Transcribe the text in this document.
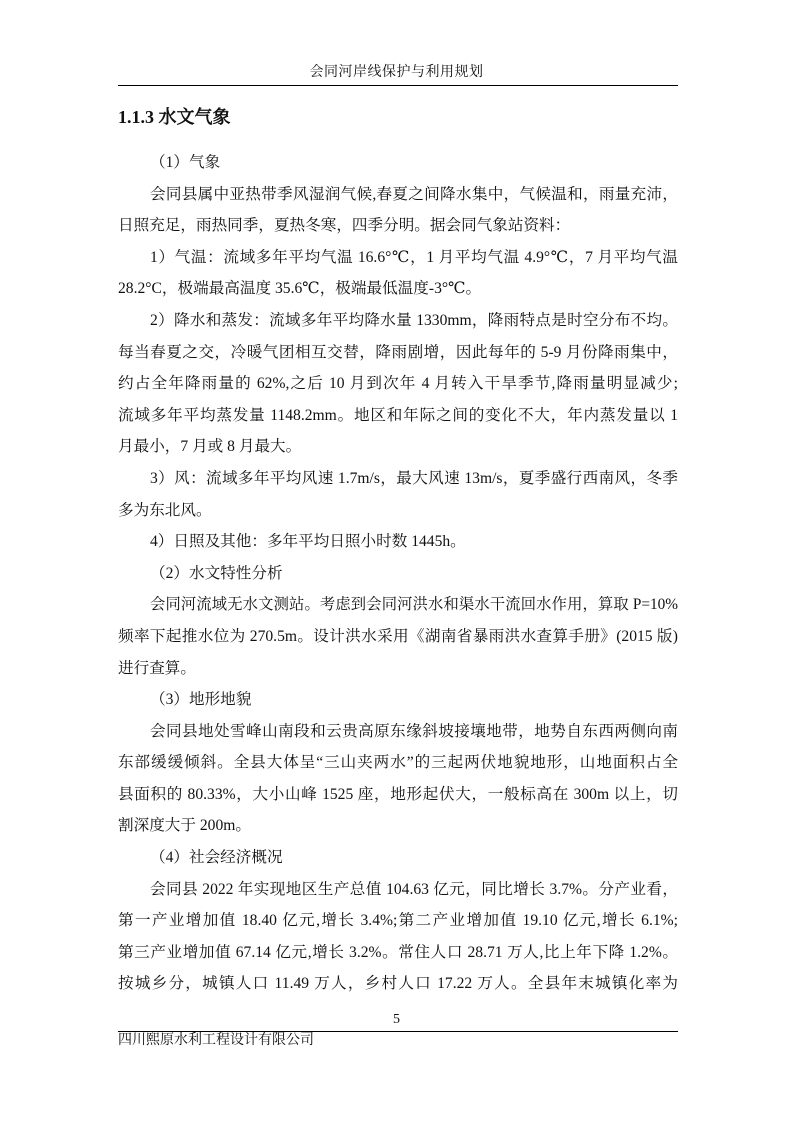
会同河岸线保护与利用规划
1.1.3 水文气象
（1）气象
会同县属中亚热带季风湿润气候,春夏之间降水集中，气候温和，雨量充沛，
日照充足，雨热同季，夏热冬寒，四季分明。据会同气象站资料：
1）气温：流域多年平均气温 16.6°℃，1 月平均气温 4.9°℃，7 月平均气温
28.2°C，极端最高温度 35.6℃，极端最低温度-3°℃。
2）降水和蒸发：流域多年平均降水量 1330mm，降雨特点是时空分布不均。
每当春夏之交，冷暖气团相互交替，降雨剧增，因此每年的 5-9 月份降雨集中，
约占全年降雨量的 62%,之后 10 月到次年 4 月转入干旱季节,降雨量明显减少;
流域多年平均蒸发量 1148.2mm。地区和年际之间的变化不大，年内蒸发量以 1
月最小，7 月或 8 月最大。
3）风：流域多年平均风速 1.7m/s，最大风速 13m/s，夏季盛行西南风，冬季
多为东北风。
4）日照及其他：多年平均日照小时数 1445h。
（2）水文特性分析
会同河流域无水文测站。考虑到会同河洪水和渠水干流回水作用，算取 P=10%
频率下起推水位为 270.5m。设计洪水采用《湖南省暴雨洪水查算手册》(2015 版)
进行查算。
（3）地形地貌
会同县地处雪峰山南段和云贵高原东缘斜坡接壤地带，地势自东西两侧向南
东部缓缓倾斜。全县大体呈“三山夹两水”的三起两伏地貌地形，山地面积占全
县面积的 80.33%，大小山峰 1525 座，地形起伏大，一般标高在 300m 以上，切
割深度大于 200m。
（4）社会经济概况
会同县 2022 年实现地区生产总值 104.63 亿元，同比增长 3.7%。分产业看，
第一产业增加值 18.40 亿元,增长 3.4%;第二产业增加值 19.10 亿元,增长 6.1%;
第三产业增加值 67.14 亿元,增长 3.2%。常住人口 28.71 万人,比上年下降 1.2%。
按城乡分，城镇人口 11.49 万人，乡村人口 17.22 万人。全县年末城镇化率为
5
四川熙原水利工程设计有限公司
